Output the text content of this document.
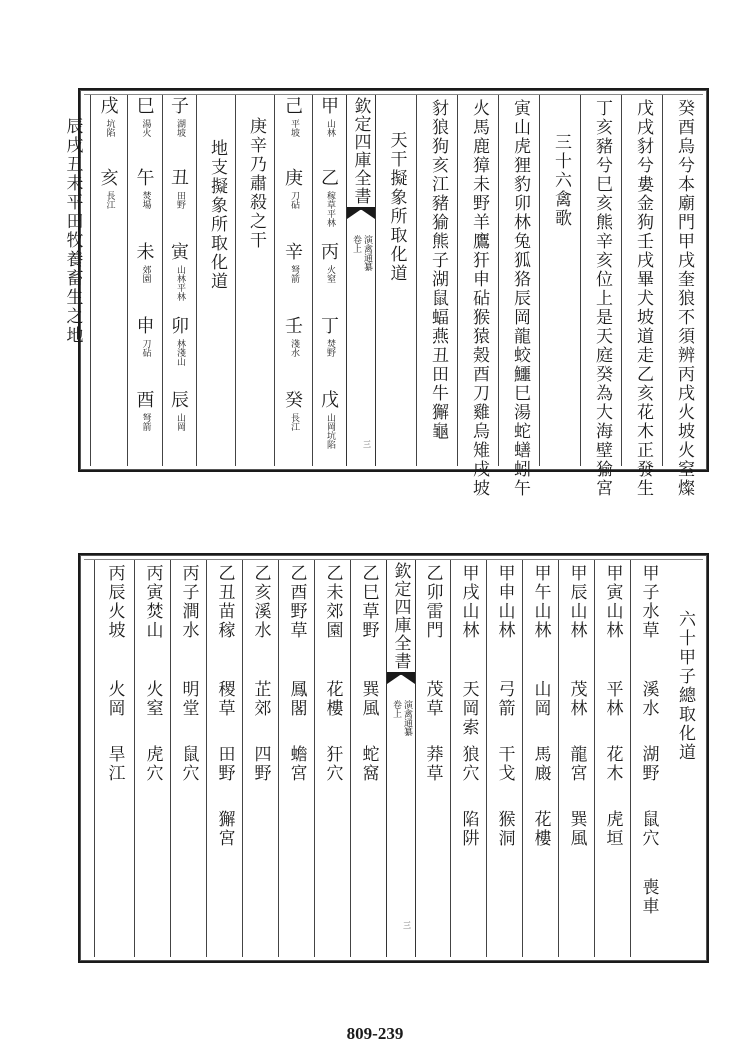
癸酉烏兮本廟門甲戌奎狼不須辨丙戌火坡火窒燦
戊戌豺兮婁金狗壬戌畢犬坡道走乙亥花木正發生
丁亥豬兮巳亥熊辛亥位上是天庭癸為大海壁㺄宮
三十六禽歌
寅山虎狸豹卯林兔狐狢辰岡龍蛟鱷巳湯蛇蟮蚓午
火馬鹿獐未野羊鷹犴申砧猴猿㺉酉刀雞烏雉戌坡
豺狼狗亥江豬㺄熊子湖鼠蝠燕丑田牛獬龜
天干擬象所取化道
欽定四庫全書
演禽通纂
卷上
三
甲
山林
乙
稼草平林
丙
火窒
丁
焚野
戊
山岡坑陷
己
平坡
庚
刀砧
辛
弩箭
壬
淺水
癸
長江
庚辛乃肅殺之干
地支擬象所取化道
子
湖坡
丑
田野
寅
山林平林
卯
林淺山
辰
山岡
巳
湯火
午
焚場
未
郊園
申
刀砧
酉
弩箭
戌
坑陷
亥
長江
辰戌丑未平田牧養畜生之地
六十甲子總取化道
甲子水草
溪水
湖野
鼠穴
喪車
甲寅山林
平林
花木
虎垣
甲辰山林
茂林
龍宮
巽風
甲午山林
山岡
馬廄
花樓
甲申山林
弓箭
干戈
猴洞
甲戌山林
天岡索
狼穴
陷阱
乙卯雷門
茂草
莽草
欽定四庫全書
演禽通纂
卷上
三
乙巳草野
巽風
蛇窩
乙未郊園
花樓
犴穴
乙酉野草
鳳閣
蟾宮
乙亥溪水
芷郊
四野
乙丑苗稼
稷草
田野
獬宮
丙子澗水
明堂
鼠穴
丙寅焚山
火窒
虎穴
丙辰火坡
火岡
旱江
809-239
